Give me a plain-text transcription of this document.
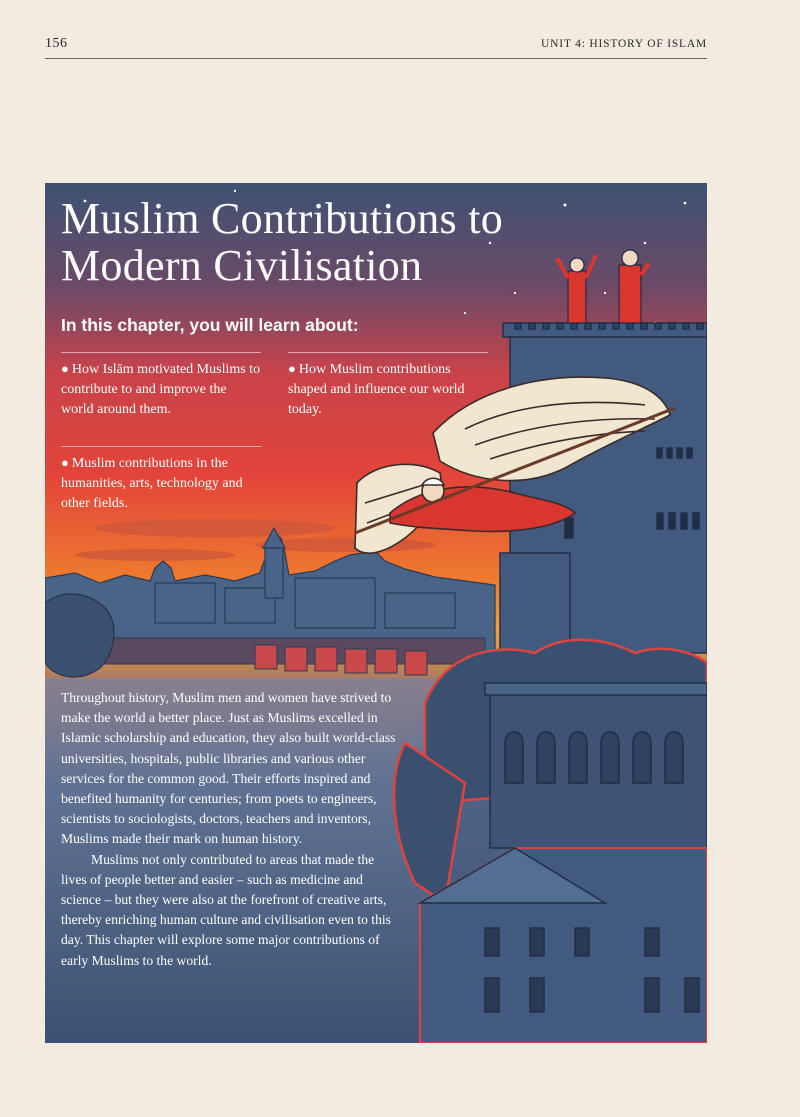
156	UNIT 4: HISTORY OF ISLAM
Muslim Contributions to Modern Civilisation
In this chapter, you will learn about:
● How Islām motivated Muslims to contribute to and improve the world around them.
● How Muslim contributions shaped and influence our world today.
● Muslim contributions in the humanities, arts, technology and other fields.

Throughout history, Muslim men and women have strived to make the world a better place. Just as Muslims excelled in Islamic scholarship and education, they also built world-class universities, hospitals, public libraries and various other services for the common good. Their efforts inspired and benefited humanity for centuries; from poets to engineers, scientists to sociologists, doctors, teachers and inventors, Muslims made their mark on human history.

Muslims not only contributed to areas that made the lives of people better and easier – such as medicine and science – but they were also at the forefront of creative arts, thereby enriching human culture and civilisation even to this day. This chapter will explore some major contributions of early Muslims to the world.
